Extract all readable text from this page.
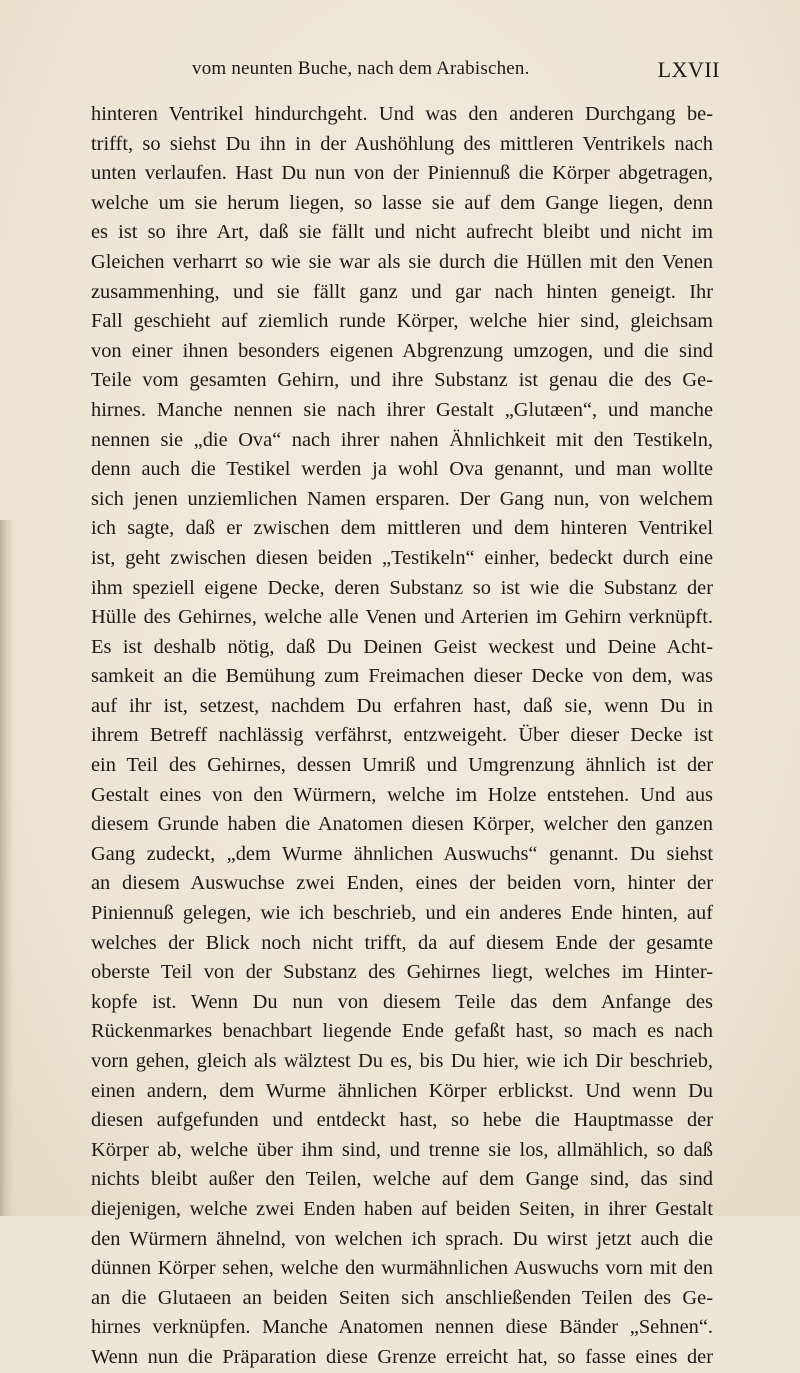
vom neunten Buche, nach dem Arabischen.	LXVII
hinteren Ventrikel hindurchgeht. Und was den anderen Durchgang be-
trifft, so siehst Du ihn in der Aushöhlung des mittleren Ventrikels nach
unten verlaufen. Hast Du nun von der Piniennuß die Körper abgetragen,
welche um sie herum liegen, so lasse sie auf dem Gange liegen, denn
es ist so ihre Art, daß sie fällt und nicht aufrecht bleibt und nicht im
Gleichen verharrt so wie sie war als sie durch die Hüllen mit den Venen
zusammenhing, und sie fällt ganz und gar nach hinten geneigt. Ihr
Fall geschieht auf ziemlich runde Körper, welche hier sind, gleichsam
von einer ihnen besonders eigenen Abgrenzung umzogen, und die sind
Teile vom gesamten Gehirn, und ihre Substanz ist genau die des Ge-
hirnes. Manche nennen sie nach ihrer Gestalt „Glutæen“, und manche
nennen sie „die Ova“ nach ihrer nahen Ähnlichkeit mit den Testikeln,
denn auch die Testikel werden ja wohl Ova genannt, und man wollte
sich jenen unziemlichen Namen ersparen. Der Gang nun, von welchem
ich sagte, daß er zwischen dem mittleren und dem hinteren Ventrikel
ist, geht zwischen diesen beiden „Testikeln“ einher, bedeckt durch eine
ihm speziell eigene Decke, deren Substanz so ist wie die Substanz der
Hülle des Gehirnes, welche alle Venen und Arterien im Gehirn verknüpft.
Es ist deshalb nötig, daß Du Deinen Geist weckest und Deine Acht-
samkeit an die Bemühung zum Freimachen dieser Decke von dem, was
auf ihr ist, setzest, nachdem Du erfahren hast, daß sie, wenn Du in
ihrem Betreff nachlässig verfährst, entzweigeht. Über dieser Decke ist
ein Teil des Gehirnes, dessen Umriß und Umgrenzung ähnlich ist der
Gestalt eines von den Würmern, welche im Holze entstehen. Und aus
diesem Grunde haben die Anatomen diesen Körper, welcher den ganzen
Gang zudeckt, „dem Wurme ähnlichen Auswuchs“ genannt. Du siehst
an diesem Auswuchse zwei Enden, eines der beiden vorn, hinter der
Piniennuß gelegen, wie ich beschrieb, und ein anderes Ende hinten, auf
welches der Blick noch nicht trifft, da auf diesem Ende der gesamte
oberste Teil von der Substanz des Gehirnes liegt, welches im Hinter-
kopfe ist. Wenn Du nun von diesem Teile das dem Anfange des
Rückenmarkes benachbart liegende Ende gefaßt hast, so mach es nach
vorn gehen, gleich als wälztest Du es, bis Du hier, wie ich Dir beschrieb,
einen andern, dem Wurme ähnlichen Körper erblickst. Und wenn Du
diesen aufgefunden und entdeckt hast, so hebe die Hauptmasse der
Körper ab, welche über ihm sind, und trenne sie los, allmählich, so daß
nichts bleibt außer den Teilen, welche auf dem Gange sind, das sind
diejenigen, welche zwei Enden haben auf beiden Seiten, in ihrer Gestalt
den Würmern ähnelnd, von welchen ich sprach. Du wirst jetzt auch die
dünnen Körper sehen, welche den wurmähnlichen Auswuchs vorn mit den
an die Glutaeen an beiden Seiten sich anschließenden Teilen des Ge-
hirnes verknüpfen. Manche Anatomen nennen diese Bänder „Sehnen“.
Wenn nun die Präparation diese Grenze erreicht hat, so fasse eines der
